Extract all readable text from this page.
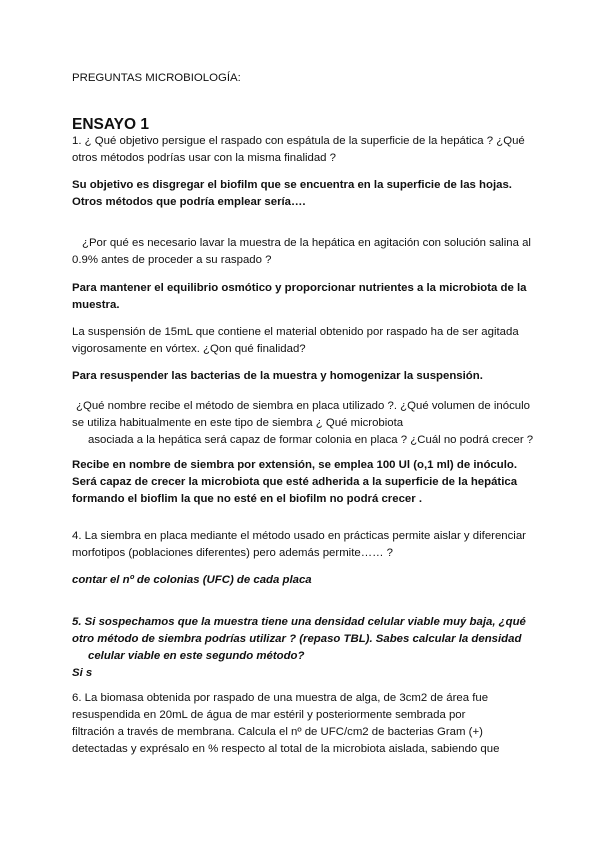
PREGUNTAS MICROBIOLOGÍA:
ENSAYO 1
1. ¿ Qué objetivo persigue el raspado con espátula de la superficie de la hepática ? ¿Qué
otros métodos podrías usar con la misma finalidad ?
Su objetivo es disgregar el biofilm que se encuentra en la superficie de las hojas.
Otros métodos que podría emplear sería….
¿Por qué es necesario lavar la muestra de la hepática en agitación con solución salina al
0.9% antes de proceder a su raspado ?
Para mantener el equilibrio osmótico y proporcionar nutrientes a la microbiota de la
muestra.
La suspensión de 15mL que contiene el material obtenido por raspado ha de ser agitada
vigorosamente en vórtex. ¿Qon qué finalidad?
Para resuspender las bacterias de la muestra y homogenizar la suspensión.
¿Qué nombre recibe el método de siembra en placa utilizado ?. ¿Qué volumen de inóculo
se utiliza habitualmente en este tipo de siembra ¿ Qué microbiota
asociada a la hepática será capaz de formar colonia en placa ? ¿Cuál no podrá crecer ?
Recibe en nombre de siembra por extensión, se emplea 100 Ul (o,1 ml) de inóculo.
Será capaz de crecer la microbiota que esté adherida a la superficie de la hepática
formando el bioflim la que no esté en el biofilm no podrá crecer .
4. La siembra en placa mediante el método usado en prácticas permite aislar y diferenciar
morfotipos (poblaciones diferentes) pero además permite…… ?
contar el nº de colonias (UFC) de cada placa
5. Si sospechamos que la muestra tiene una densidad celular viable muy baja, ¿qué
otro método de siembra podrías utilizar ? (repaso TBL). Sabes calcular la densidad
celular viable en este segundo método?
Si s
6. La biomasa obtenida por raspado de una muestra de alga, de 3cm2 de área fue
resuspendida en 20mL de água de mar estéril y posteriormente sembrada por
filtración a través de membrana. Calcula el nº de UFC/cm2 de bacterias Gram (+)
detectadas y exprésalo en % respecto al total de la microbiota aislada, sabiendo que
